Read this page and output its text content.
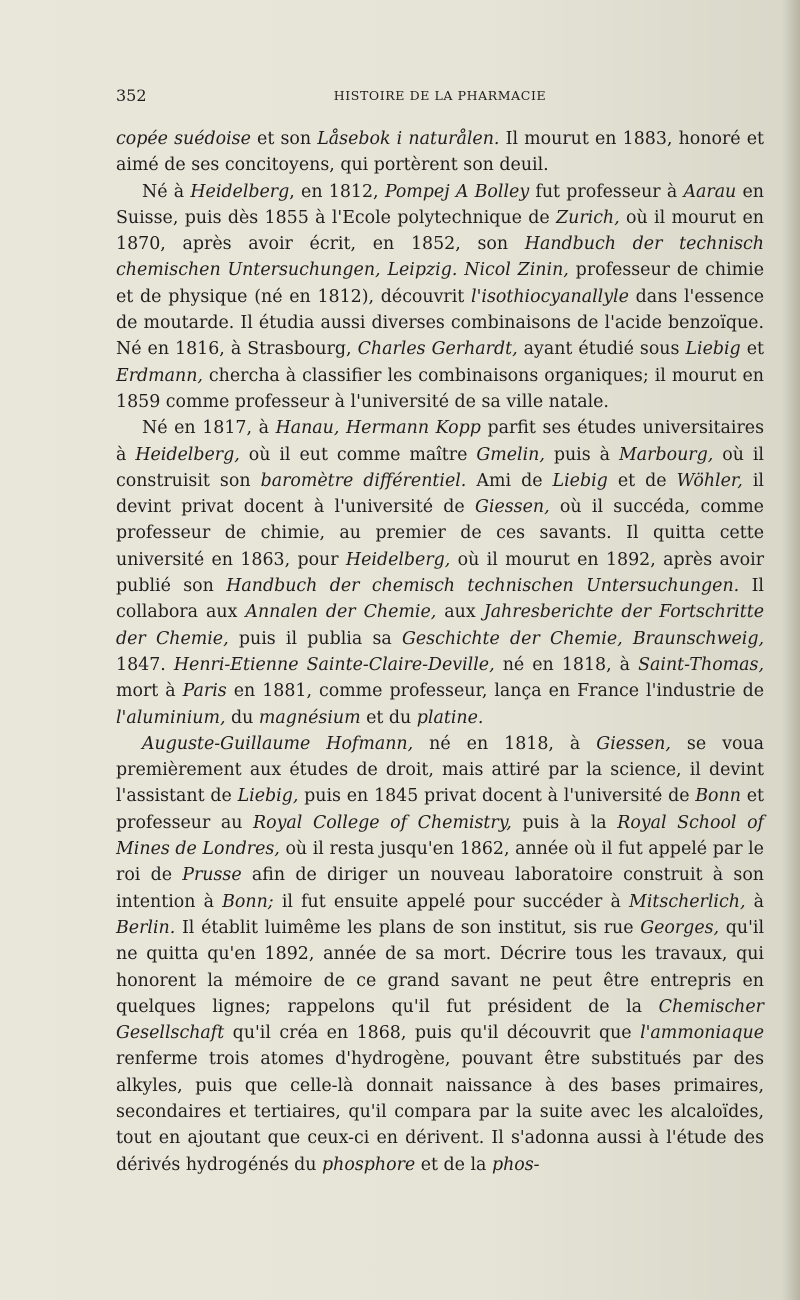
352	HISTOIRE DE LA PHARMACIE

copée suédoise et son Låsebok i naturålen. Il mourut en 1883, honoré et aimé de ses concitoyens, qui portèrent son deuil.

Né à Heidelberg, en 1812, Pompej A Bolley fut professeur à Aarau en Suisse, puis dès 1855 à l'Ecole polytechnique de Zurich, où il mourut en 1870, après avoir écrit, en 1852, son Handbuch der technisch chemischen Untersuchungen, Leipzig. Nicol Zinin, professeur de chimie et de physique (né en 1812), découvrit l'isothiocyanallyle dans l'essence de moutarde. Il étudia aussi diverses combinaisons de l'acide benzoïque. Né en 1816, à Strasbourg, Charles Gerhardt, ayant étudié sous Liebig et Erdmann, chercha à classifier les combinaisons organiques; il mourut en 1859 comme professeur à l'université de sa ville natale.

Né en 1817, à Hanau, Hermann Kopp parfit ses études universitaires à Heidelberg, où il eut comme maître Gmelin, puis à Marbourg, où il construisit son baromètre différentiel. Ami de Liebig et de Wöhler, il devint privat docent à l'université de Giessen, où il succéda, comme professeur de chimie, au premier de ces savants. Il quitta cette université en 1863, pour Heidelberg, où il mourut en 1892, après avoir publié son Handbuch der chemisch technischen Untersuchungen. Il collabora aux Annalen der Chemie, aux Jahresberichte der Fortschritte der Chemie, puis il publia sa Geschichte der Chemie, Braunschweig, 1847. Henri-Etienne Sainte-Claire-Deville, né en 1818, à Saint-Thomas, mort à Paris en 1881, comme professeur, lança en France l'industrie de l'aluminium, du magnésium et du platine.

Auguste-Guillaume Hofmann, né en 1818, à Giessen, se voua premièrement aux études de droit, mais attiré par la science, il devint l'assistant de Liebig, puis en 1845 privat docent à l'université de Bonn et professeur au Royal College of Chemistry, puis à la Royal School of Mines de Londres, où il resta jusqu'en 1862, année où il fut appelé par le roi de Prusse afin de diriger un nouveau laboratoire construit à son intention à Bonn; il fut ensuite appelé pour succéder à Mitscherlich, à Berlin. Il établit luimême les plans de son institut, sis rue Georges, qu'il ne quitta qu'en 1892, année de sa mort. Décrire tous les travaux, qui honorent la mémoire de ce grand savant ne peut être entrepris en quelques lignes; rappelons qu'il fut président de la Chemischer Gesellschaft qu'il créa en 1868, puis qu'il découvrit que l'ammoniaque renferme trois atomes d'hydrogène, pouvant être substitués par des alkyles, puis que celle-là donnait naissance à des bases primaires, secondaires et tertiaires, qu'il compara par la suite avec les alcaloïdes, tout en ajoutant que ceux-ci en dérivent. Il s'adonna aussi à l'étude des dérivés hydrogénés du phosphore et de la phos-
